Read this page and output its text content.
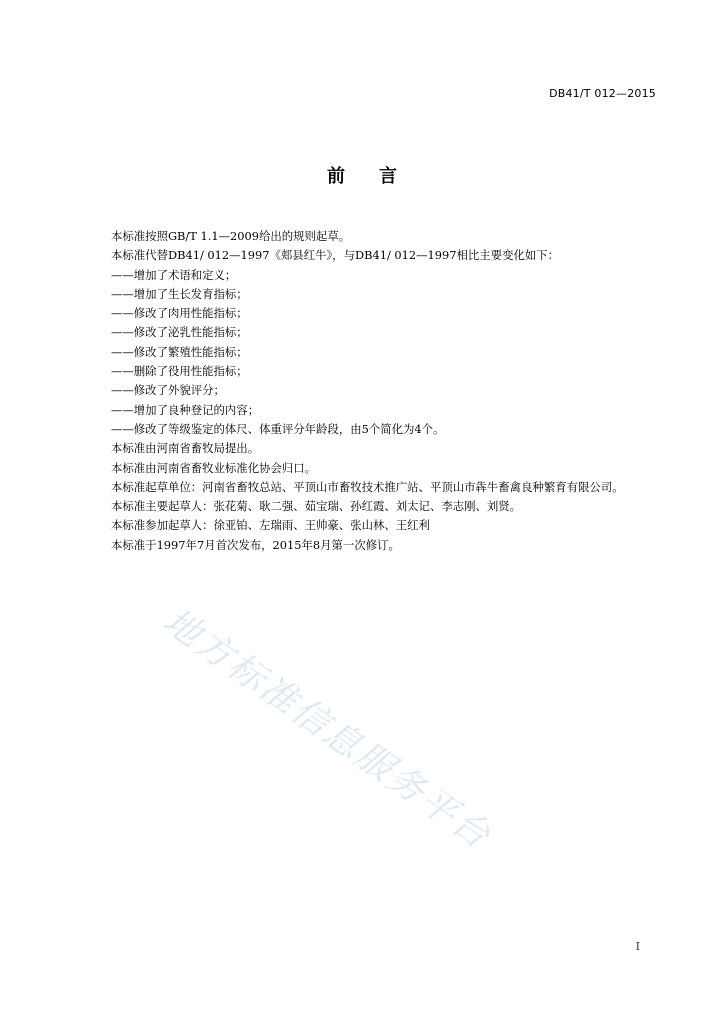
DB41/T 012—2015
前 言

本标准按照GB/T 1.1—2009给出的规则起草。

本标准代替DB41/ 012—1997《郏县红牛》，与DB41/ 012—1997相比主要变化如下：

——增加了术语和定义；

——增加了生长发育指标；

——修改了肉用性能指标；

——修改了泌乳性能指标；

——修改了繁殖性能指标；

——删除了役用性能指标；

——修改了外貌评分；

——增加了良种登记的内容；

——修改了等级鉴定的体尺、体重评分年龄段，由5个简化为4个。

本标准由河南省畜牧局提出。

本标准由河南省畜牧业标准化协会归口。

本标准起草单位：河南省畜牧总站、平顶山市畜牧技术推广站、平顶山市犇牛畜禽良种繁育有限公司。

本标准主要起草人：张花菊、耿二强、茹宝瑞、孙红霞、刘太记、李志刚、刘贤。

本标准参加起草人：徐亚铂、左瑞雨、王帅豪、张山林、王红利

本标准于1997年7月首次发布，2015年8月第一次修订。

地方标准信息服务平台
I
